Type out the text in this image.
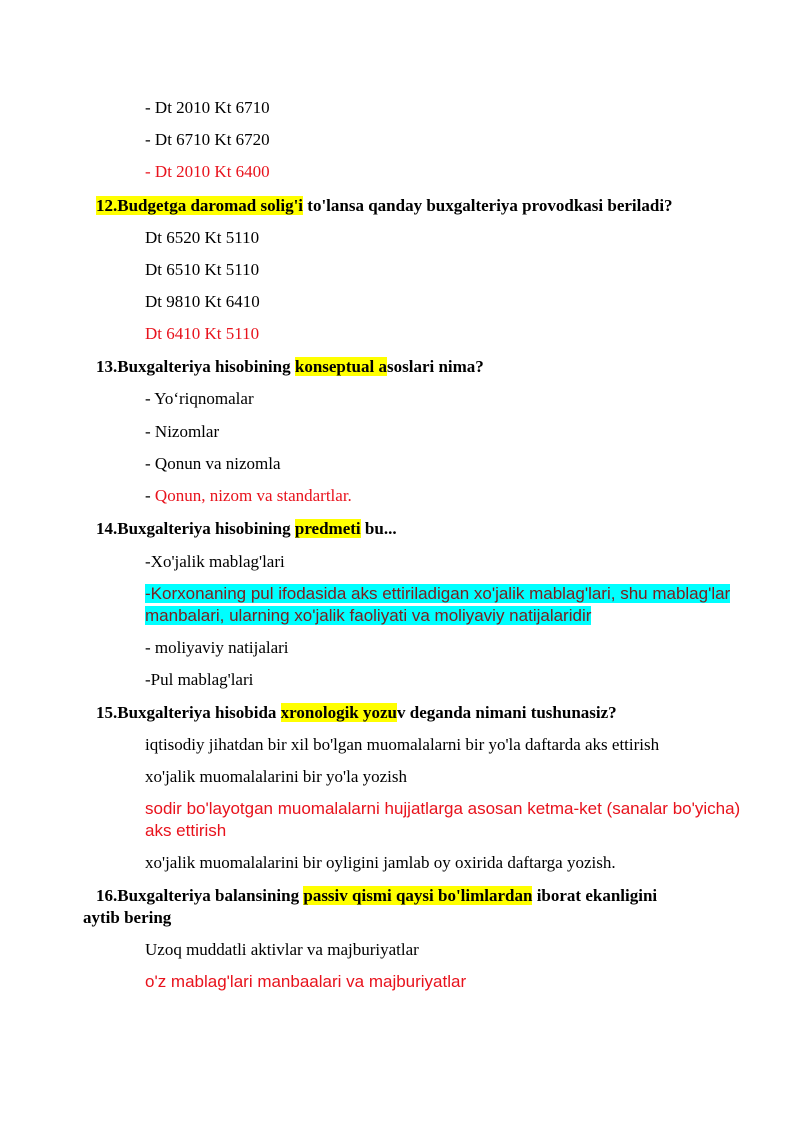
- Dt 2010 Kt 6710
- Dt 6710 Kt 6720
- Dt 2010 Kt 6400
12.Budgetga daromad solig'i to'lansa qanday buxgalteriya provodkasi beriladi?
Dt 6520 Kt 5110
Dt 6510 Kt 5110
Dt 9810 Kt 6410
Dt 6410 Kt 5110
13.Buxgalteriya hisobining konseptual asoslari nima?
- Yo‘riqnomalar
- Nizomlar
- Qonun va nizomla
- Qonun, nizom va standartlar.
14.Buxgalteriya hisobining predmeti bu...
-Xo'jalik mablag'lari
-Korxonaning pul ifodasida aks ettiriladigan xo'jalik mablag'lari, shu mablag'lar
manbalari, ularning xo'jalik faoliyati va moliyaviy natijalaridir
- moliyaviy natijalari
-Pul mablag'lari
15.Buxgalteriya hisobida xronologik yozuv deganda nimani tushunasiz?
iqtisodiy jihatdan bir xil bo'lgan muomalalarni bir yo'la daftarda aks ettirish
xo'jalik muomalalarini bir yo'la yozish
sodir bo'layotgan muomalalarni hujjatlarga asosan ketma-ket (sanalar bo'yicha)
aks ettirish
xo'jalik muomalalarini bir oyligini jamlab oy oxirida daftarga yozish.
16.Buxgalteriya balansining passiv qismi qaysi bo'limlardan iborat ekanligini
aytib bering
Uzoq muddatli aktivlar va majburiyatlar
o'z mablag'lari manbaalari va majburiyatlar
